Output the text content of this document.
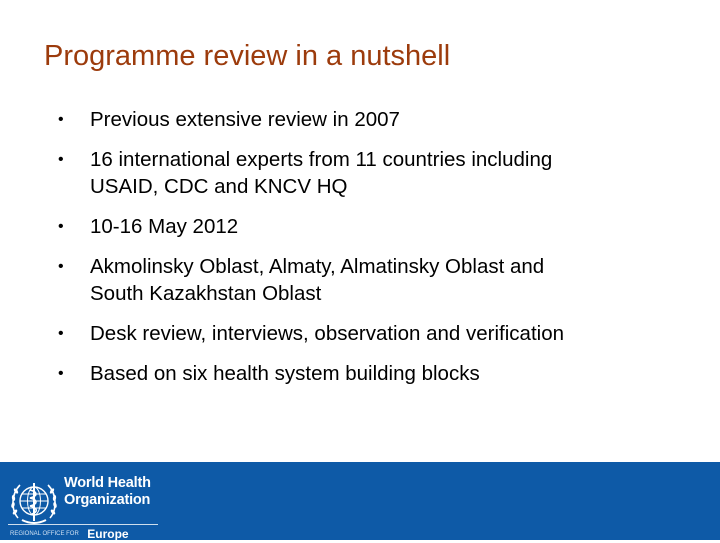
Programme review in a nutshell
•	Previous extensive review in 2007
•	16 international experts from 11 countries including
USAID, CDC and KNCV HQ
•	10-16 May 2012
•	Akmolinsky Oblast, Almaty, Almatinsky Oblast and
South Kazakhstan Oblast
•	Desk review, interviews, observation and verification
•	Based on six health system building blocks
World Health
Organization
REGIONAL OFFICE FOR Europe
